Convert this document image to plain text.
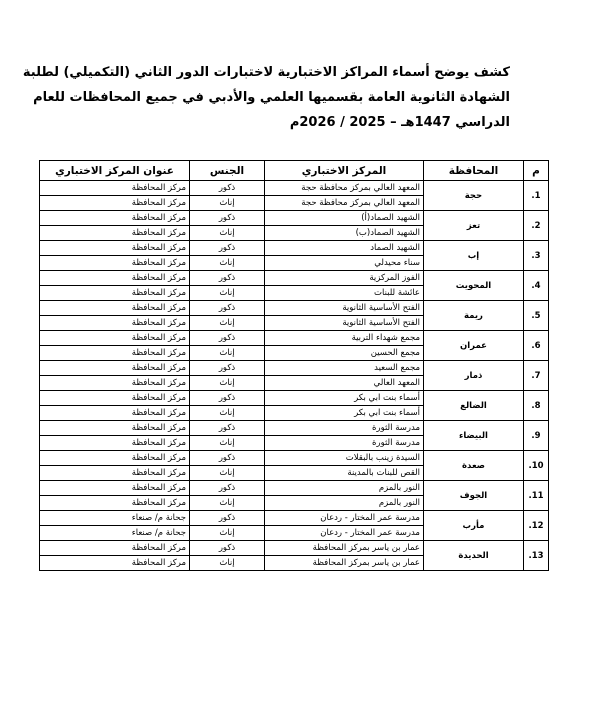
كشف يوضح أسماء المراكز الاختبارية لاختبارات الدور الثاني (التكميلي) لطلبة
الشهادة الثانوية العامة بقسميها العلمي والأدبي في جميع المحافظات للعام
الدراسي 1447هـ – 2025 / 2026م
م	المحافظة	المركز الاختباري	الجنس	عنوان المركز الاختباري
1.	حجة	المعهد العالي بمركز محافظة حجة	ذكور	مركز المحافظة
		المعهد العالي بمركز محافظة حجة	إناث	مركز المحافظة
2.	تعز	الشهيد الصماد(أ)	ذكور	مركز المحافظة
		الشهيد الصماد(ب)	إناث	مركز المحافظة
3.	إب	الشهيد الصماد	ذكور	مركز المحافظة
		سناء محيدلي	إناث	مركز المحافظة
4.	المحويت	الفوز المركزية	ذكور	مركز المحافظة
		عائشة للبنات	إناث	مركز المحافظة
5.	ريمة	الفتح الأساسية الثانوية	ذكور	مركز المحافظة
		الفتح الأساسية الثانوية	إناث	مركز المحافظة
6.	عمران	مجمع شهداء التربية	ذكور	مركز المحافظة
		مجمع الحسين	إناث	مركز المحافظة
7.	ذمار	مجمع السعيد	ذكور	مركز المحافظة
		المعهد العالي	إناث	مركز المحافظة
8.	الضالع	أسماء بنت ابي بكر	ذكور	مركز المحافظة
		أسماء بنت ابي بكر	إناث	مركز المحافظة
9.	البيضاء	مدرسة الثورة	ذكور	مركز المحافظة
		مدرسة الثورة	إناث	مركز المحافظة
10.	صعدة	السيدة زينب بالبقلات	ذكور	مركز المحافظة
		القص للبنات بالمدينة	إناث	مركز المحافظة
11.	الجوف	النور بالمزم	ذكور	مركز المحافظة
		النور بالمزم	إناث	مركز المحافظة
12.	مأرب	مدرسة عمر المختار - ردعان	ذكور	جحانة م/ صنعاء
		مدرسة عمر المختار - ردعان	إناث	جحانة م/ صنعاء
13.	الحديدة	عمار بن ياسر بمركز المحافظة	ذكور	مركز المحافظة
		عمار بن ياسر بمركز المحافظة	إناث	مركز المحافظة
